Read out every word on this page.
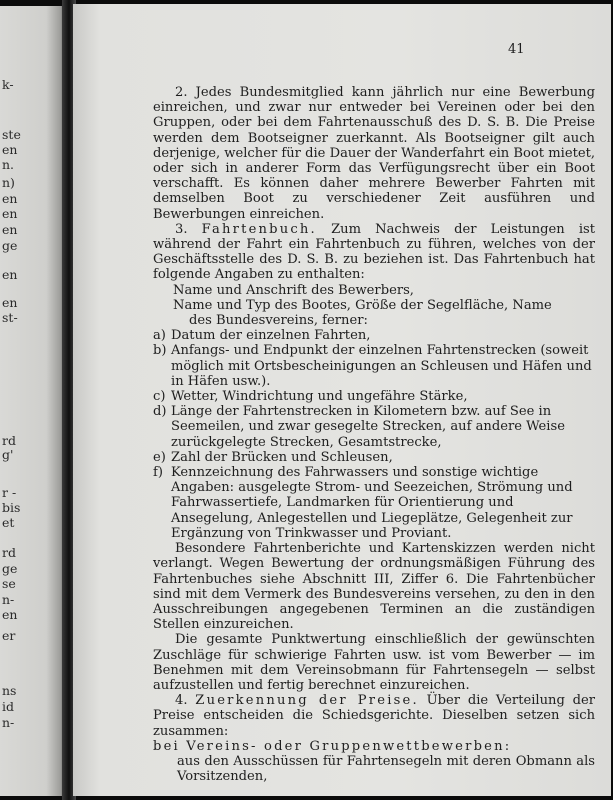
k-
ste
en
n.
n)
en
en
en
ge
en
en
st-
rd
g'
r -
bis
et
rd
ge
se
n-
en
er
ns
id
n-
41

2. Jedes Bundesmitglied kann jährlich nur eine Bewerbung einreichen, und zwar nur entweder bei Vereinen oder bei den Gruppen, oder bei dem Fahrtenausschuß des D. S. B. Die Preise werden dem Bootseigner zuerkannt. Als Bootseigner gilt auch derjenige, welcher für die Dauer der Wanderfahrt ein Boot mietet, oder sich in anderer Form das Verfügungsrecht über ein Boot verschafft. Es können daher mehrere Bewerber Fahrten mit demselben Boot zu verschiedener Zeit ausführen und Bewerbungen einreichen.

3. Fahrtenbuch. Zum Nachweis der Leistungen ist während der Fahrt ein Fahrtenbuch zu führen, welches von der Geschäftsstelle des D. S. B. zu beziehen ist. Das Fahrtenbuch hat folgende Angaben zu enthalten:

Name und Anschrift des Bewerbers,
Name und Typ des Bootes, Größe der Segelfläche, Name
des Bundesvereins, ferner:
a) Datum der einzelnen Fahrten,
b) Anfangs- und Endpunkt der einzelnen Fahrtenstrecken (soweit möglich mit Ortsbescheinigungen an Schleusen und Häfen und in Häfen usw.).
c) Wetter, Windrichtung und ungefähre Stärke,
d) Länge der Fahrtenstrecken in Kilometern bzw. auf See in Seemeilen, und zwar gesegelte Strecken, auf andere Weise zurückgelegte Strecken, Gesamtstrecke,
e) Zahl der Brücken und Schleusen,
f) Kennzeichnung des Fahrwassers und sonstige wichtige Angaben: ausgelegte Strom- und Seezeichen, Strömung und Fahrwassertiefe, Landmarken für Orientierung und Ansegelung, Anlegestellen und Liegeplätze, Gelegenheit zur Ergänzung von Trinkwasser und Proviant.

Besondere Fahrtenberichte und Kartenskizzen werden nicht verlangt. Wegen Bewertung der ordnungsmäßigen Führung des Fahrtenbuches siehe Abschnitt III, Ziffer 6. Die Fahrtenbücher sind mit dem Vermerk des Bundesvereins versehen, zu den in den Ausschreibungen angegebenen Terminen an die zuständigen Stellen einzureichen.

Die gesamte Punktwertung einschließlich der gewünschten Zuschläge für schwierige Fahrten usw. ist vom Bewerber — im Benehmen mit dem Vereinsobmann für Fahrtensegeln — selbst aufzustellen und fertig berechnet einzureichen.

4. Zuerkennung der Preise. Über die Verteilung der Preise entscheiden die Schiedsgerichte. Dieselben setzen sich zusammen:

bei Vereins- oder Gruppenwettbewerben:
aus den Ausschüssen für Fahrtensegeln mit deren Obmann als Vorsitzenden,
